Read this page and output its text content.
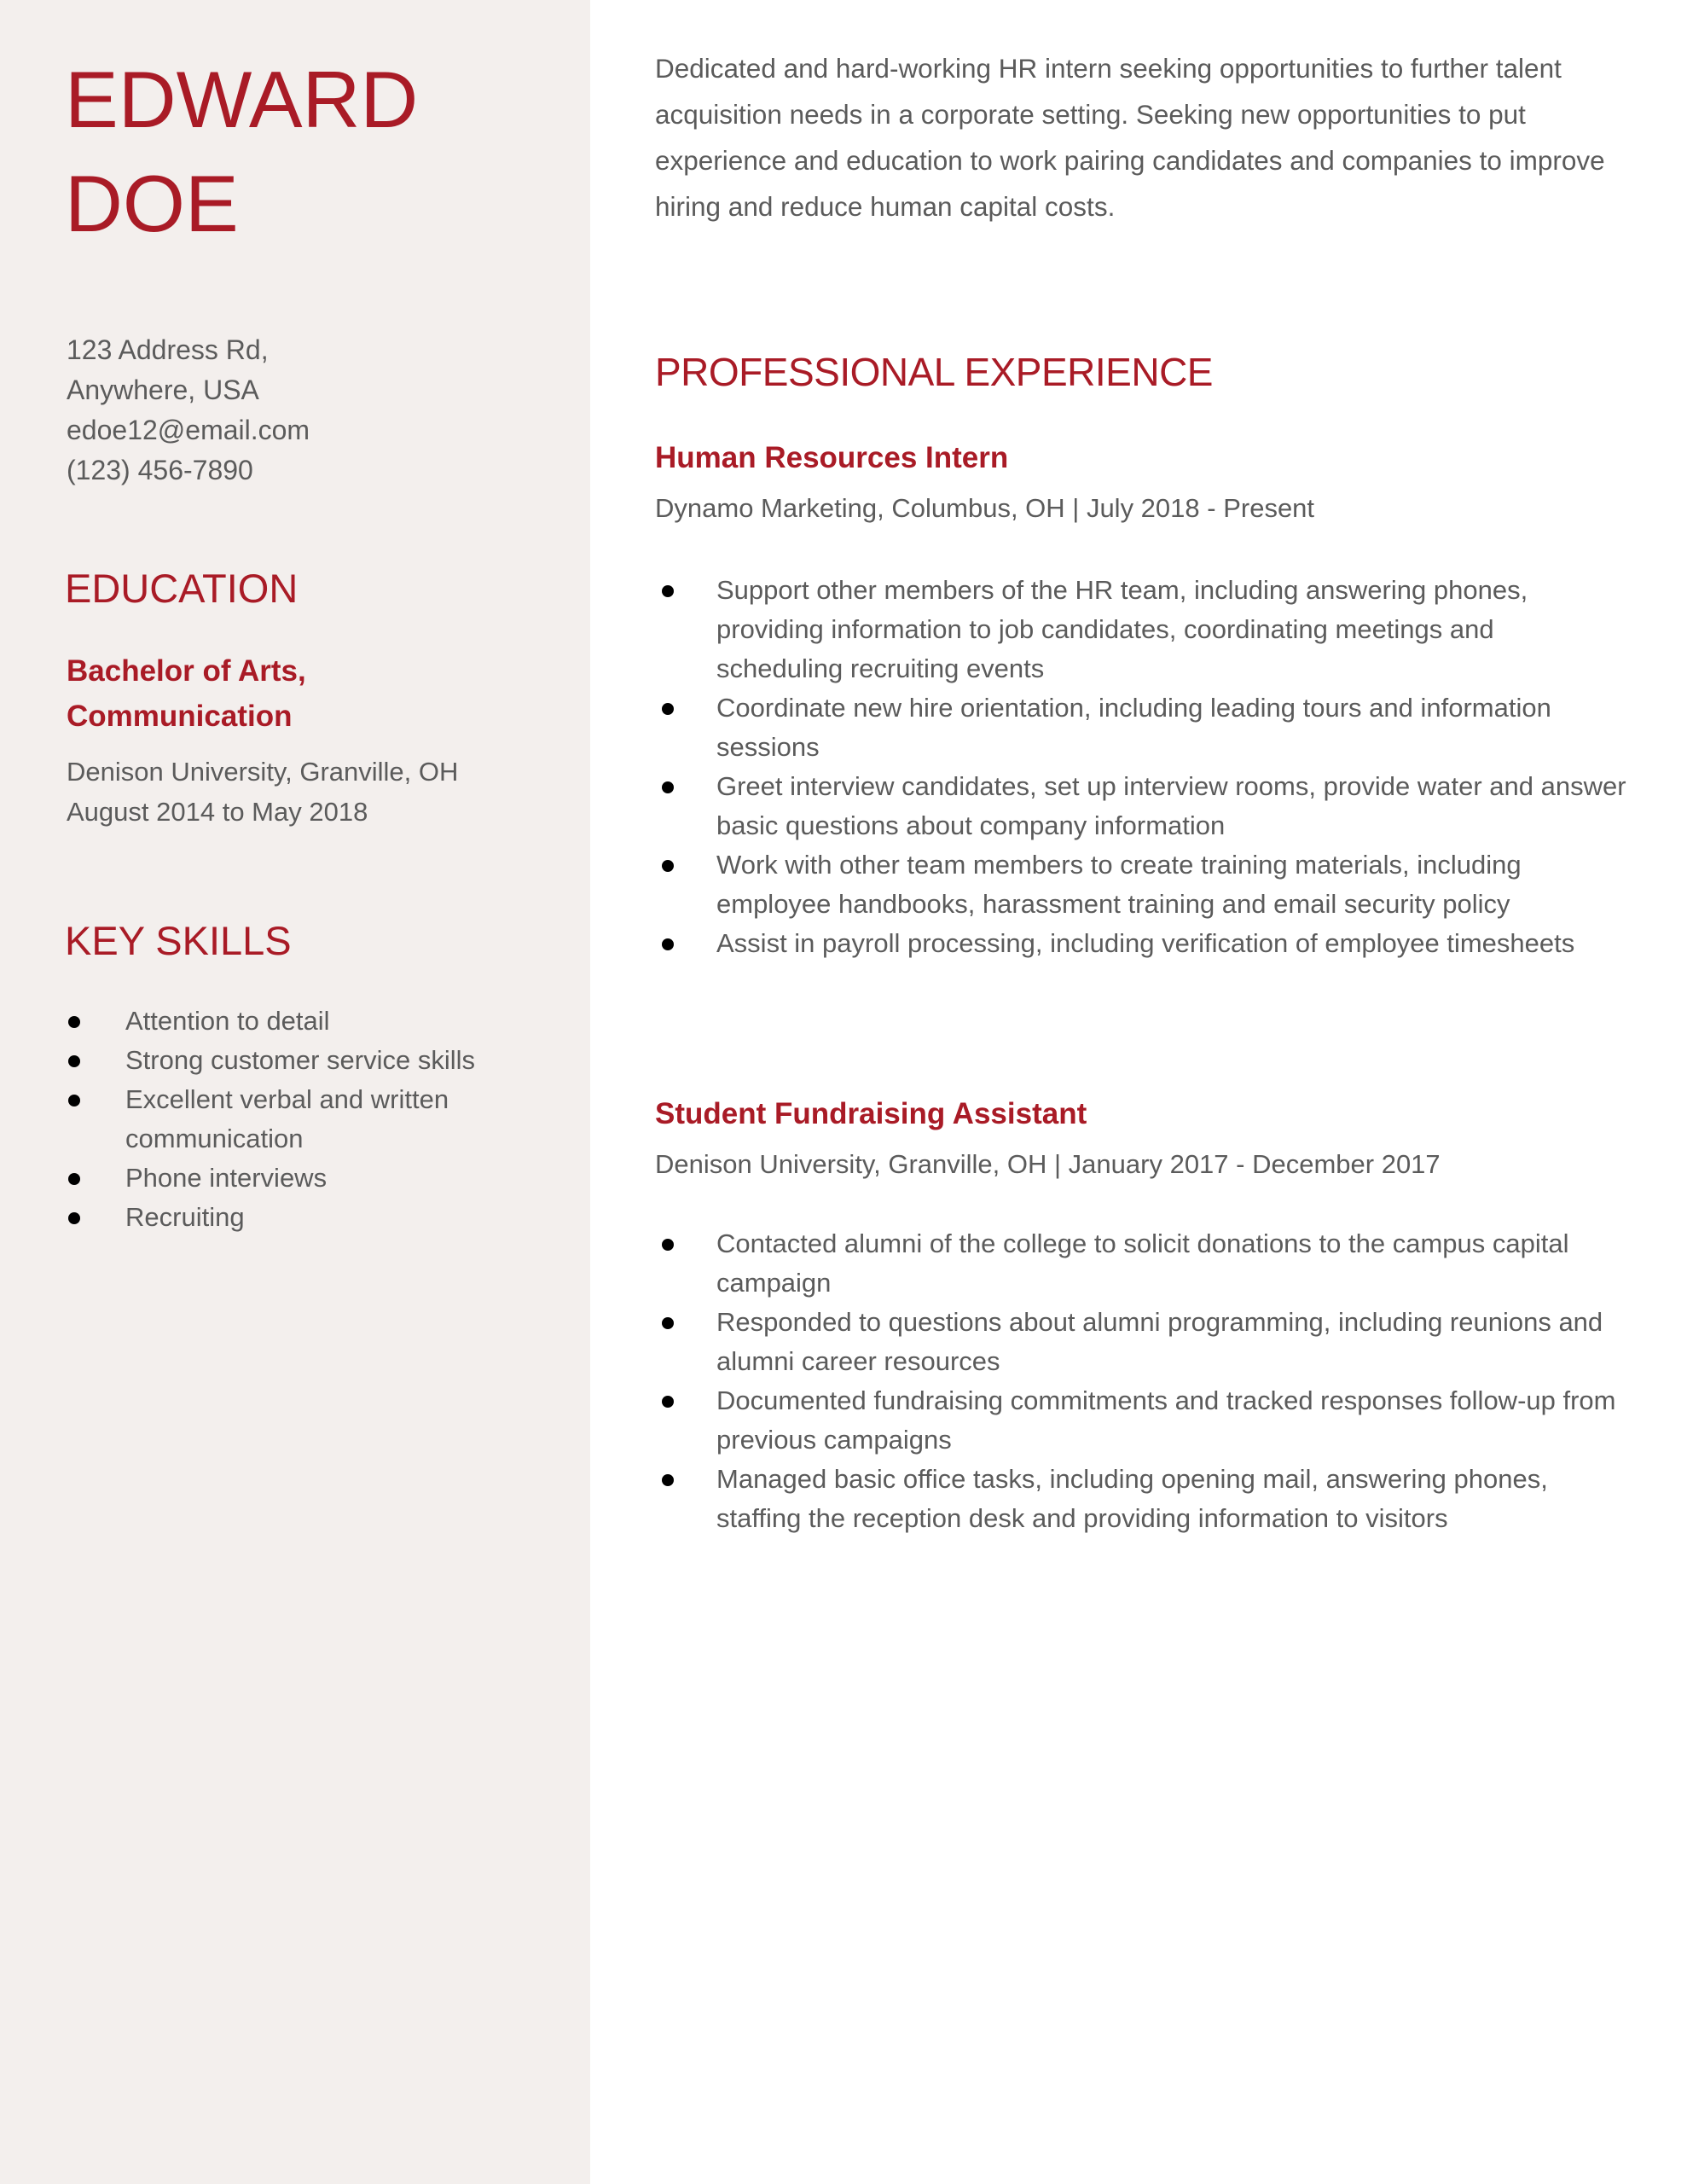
EDWARD
DOE
123 Address Rd,
Anywhere, USA
edoe12@email.com
(123) 456-7890
EDUCATION
Bachelor of Arts,
Communication
Denison University, Granville, OH
August 2014 to May 2018
KEY SKILLS
Attention to detail
Strong customer service skills
Excellent verbal and written communication
Phone interviews
Recruiting

Dedicated and hard-working HR intern seeking opportunities to further talent acquisition needs in a corporate setting. Seeking new opportunities to put experience and education to work pairing candidates and companies to improve hiring and reduce human capital costs.

PROFESSIONAL EXPERIENCE
Human Resources Intern
Dynamo Marketing, Columbus, OH | July 2018 - Present
Support other members of the HR team, including answering phones, providing information to job candidates, coordinating meetings and scheduling recruiting events
Coordinate new hire orientation, including leading tours and information sessions
Greet interview candidates, set up interview rooms, provide water and answer basic questions about company information
Work with other team members to create training materials, including employee handbooks, harassment training and email security policy
Assist in payroll processing, including verification of employee timesheets
Student Fundraising Assistant
Denison University, Granville, OH | January 2017 - December 2017
Contacted alumni of the college to solicit donations to the campus capital campaign
Responded to questions about alumni programming, including reunions and alumni career resources
Documented fundraising commitments and tracked responses follow-up from previous campaigns
Managed basic office tasks, including opening mail, answering phones, staffing the reception desk and providing information to visitors
